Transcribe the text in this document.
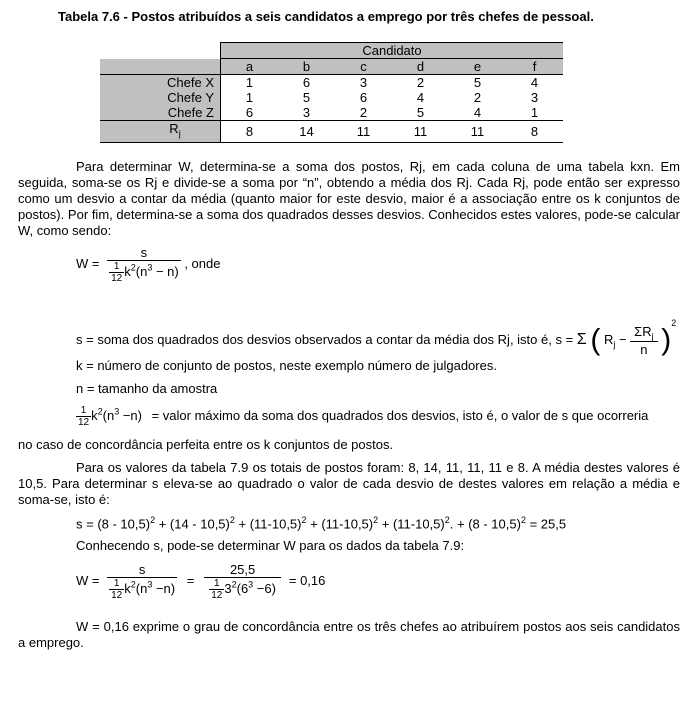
Tabela 7.6 - Postos atribuídos a seis candidatos a emprego por três chefes de pessoal.
	Candidato					
	a	b	c	d	e	f
Chefe X	1	6	3	2	5	4
Chefe Y	1	5	6	4	2	3
Chefe Z	6	3	2	5	4	1
$R_j$	8	14	11	11	11	8

Para determinar W, determina-se a soma dos postos, Rj, em cada coluna de uma tabela kxn. Em seguida, soma-se os Rj e divide-se a soma por “n”, obtendo a média dos Rj. Cada Rj, pode então ser expresso como um desvio a contar da média (quanto maior for este desvio, maior é a associação entre os k conjuntos de postos). Por fim, determina-se a soma dos quadrados desses desvios. Conhecidos estes valores, pode-se calcular W, como sendo:

$W = \frac{s}{\frac{1}{12} k^2(n^3 - n)}$ , onde
s = soma dos quadrados dos desvios observados a contar da média dos Rj, isto é, s = Σ ( $R_j - \frac{\Sigma R_j}{n} )^2$
k = número de conjunto de postos, neste exemplo número de julgadores.
n = tamanho da amostra
$\frac{1}{12} k^2(n^3 -n)$ = valor máximo da soma dos quadrados dos desvios, isto é, o valor de s que ocorreria
no caso de concordância perfeita entre os k conjuntos de postos.

Para os valores da tabela 7.9 os totais de postos foram: 8, 14, 11, 11, 11 e 8. A média destes valores é 10,5. Para determinar s eleva-se ao quadrado o valor de cada desvio de destes valores em relação a média e soma-se, isto é:

$s = (8 - 10,5)^2 + (14 - 10,5)^2 + (11-10,5)^2 + (11-10,5)^2 + (11-10,5)^2$. + (8 - 10,5)$^2$ = 25,5
Conhecendo s, pode-se determinar W para os dados da tabela 7.9:
$W = \frac{s}{\frac{1}{12} k^2(n^3 -n)} = \frac{25,5}{\frac{1}{12} 3^2(6^3 -6)} = 0,16$

W = 0,16 exprime o grau de concordância entre os três chefes ao atribuírem postos aos seis candidatos a emprego.
